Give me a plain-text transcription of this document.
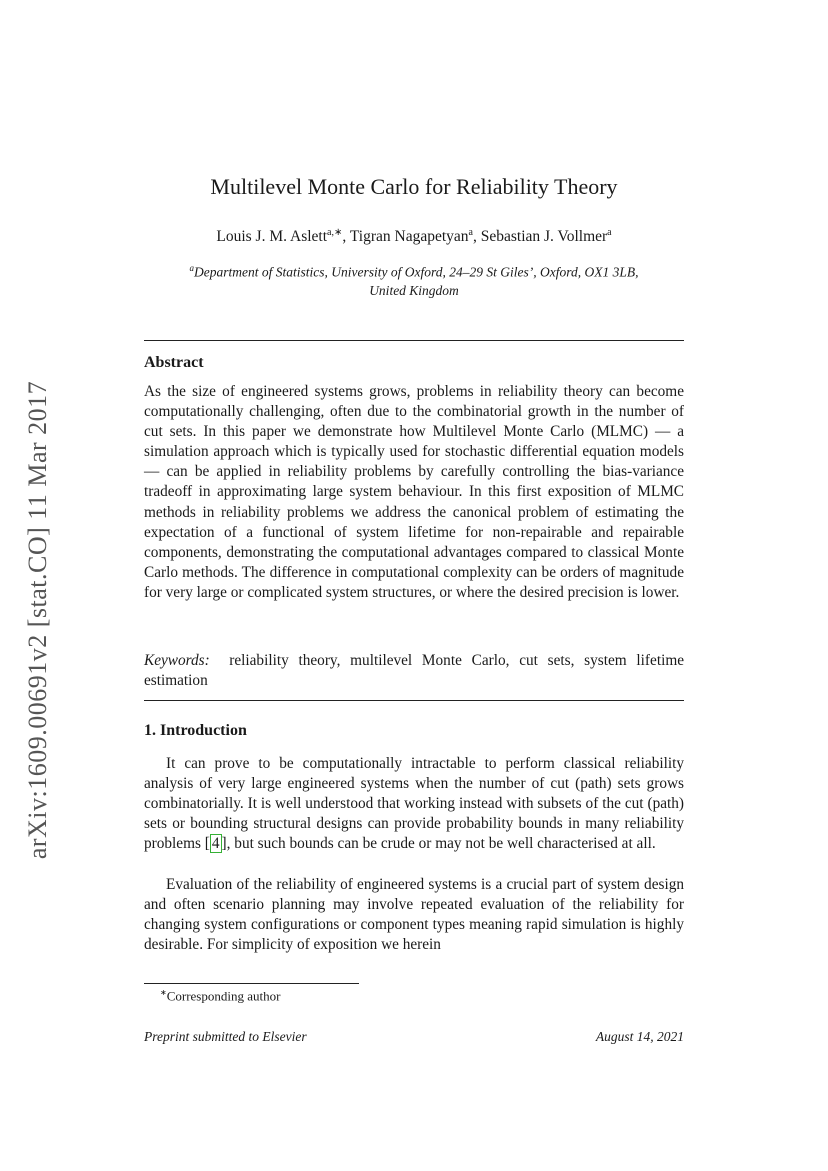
arXiv:1609.00691v2 [stat.CO] 11 Mar 2017
Multilevel Monte Carlo for Reliability Theory
Louis J. M. Aslett$^{a,∗}$, Tigran Nagapetyan$^a$, Sebastian J. Vollmer$^a$
$^a$Department of Statistics, University of Oxford, 24–29 St Giles’, Oxford, OX1 3LB,
United Kingdom
Abstract
As the size of engineered systems grows, problems in reliability theory can become computationally challenging, often due to the combinatorial growth in the number of cut sets. In this paper we demonstrate how Multilevel Monte Carlo (MLMC) — a simulation approach which is typically used for stochastic differential equation models — can be applied in reliability problems by carefully controlling the bias-variance tradeoff in approximating large system behaviour. In this first exposition of MLMC methods in reliability problems we address the canonical problem of estimating the expectation of a functional of system lifetime for non-repairable and repairable components, demonstrating the computational advantages compared to classical Monte Carlo methods. The difference in computational complexity can be orders of magnitude for very large or complicated system structures, or where the desired precision is lower.
Keywords: reliability theory, multilevel Monte Carlo, cut sets, system lifetime estimation
1. Introduction
It can prove to be computationally intractable to perform classical reliability analysis of very large engineered systems when the number of cut (path) sets grows combinatorially. It is well understood that working instead with subsets of the cut (path) sets or bounding structural designs can provide probability bounds in many reliability problems [ 4 ], but such bounds can be crude or may not be well characterised at all.
Evaluation of the reliability of engineered systems is a crucial part of system design and often scenario planning may involve repeated evaluation of the reliability for changing system configurations or component types meaning rapid simulation is highly desirable. For simplicity of exposition we herein
∗Corresponding author
Preprint submitted to Elsevier	August 14, 2021
